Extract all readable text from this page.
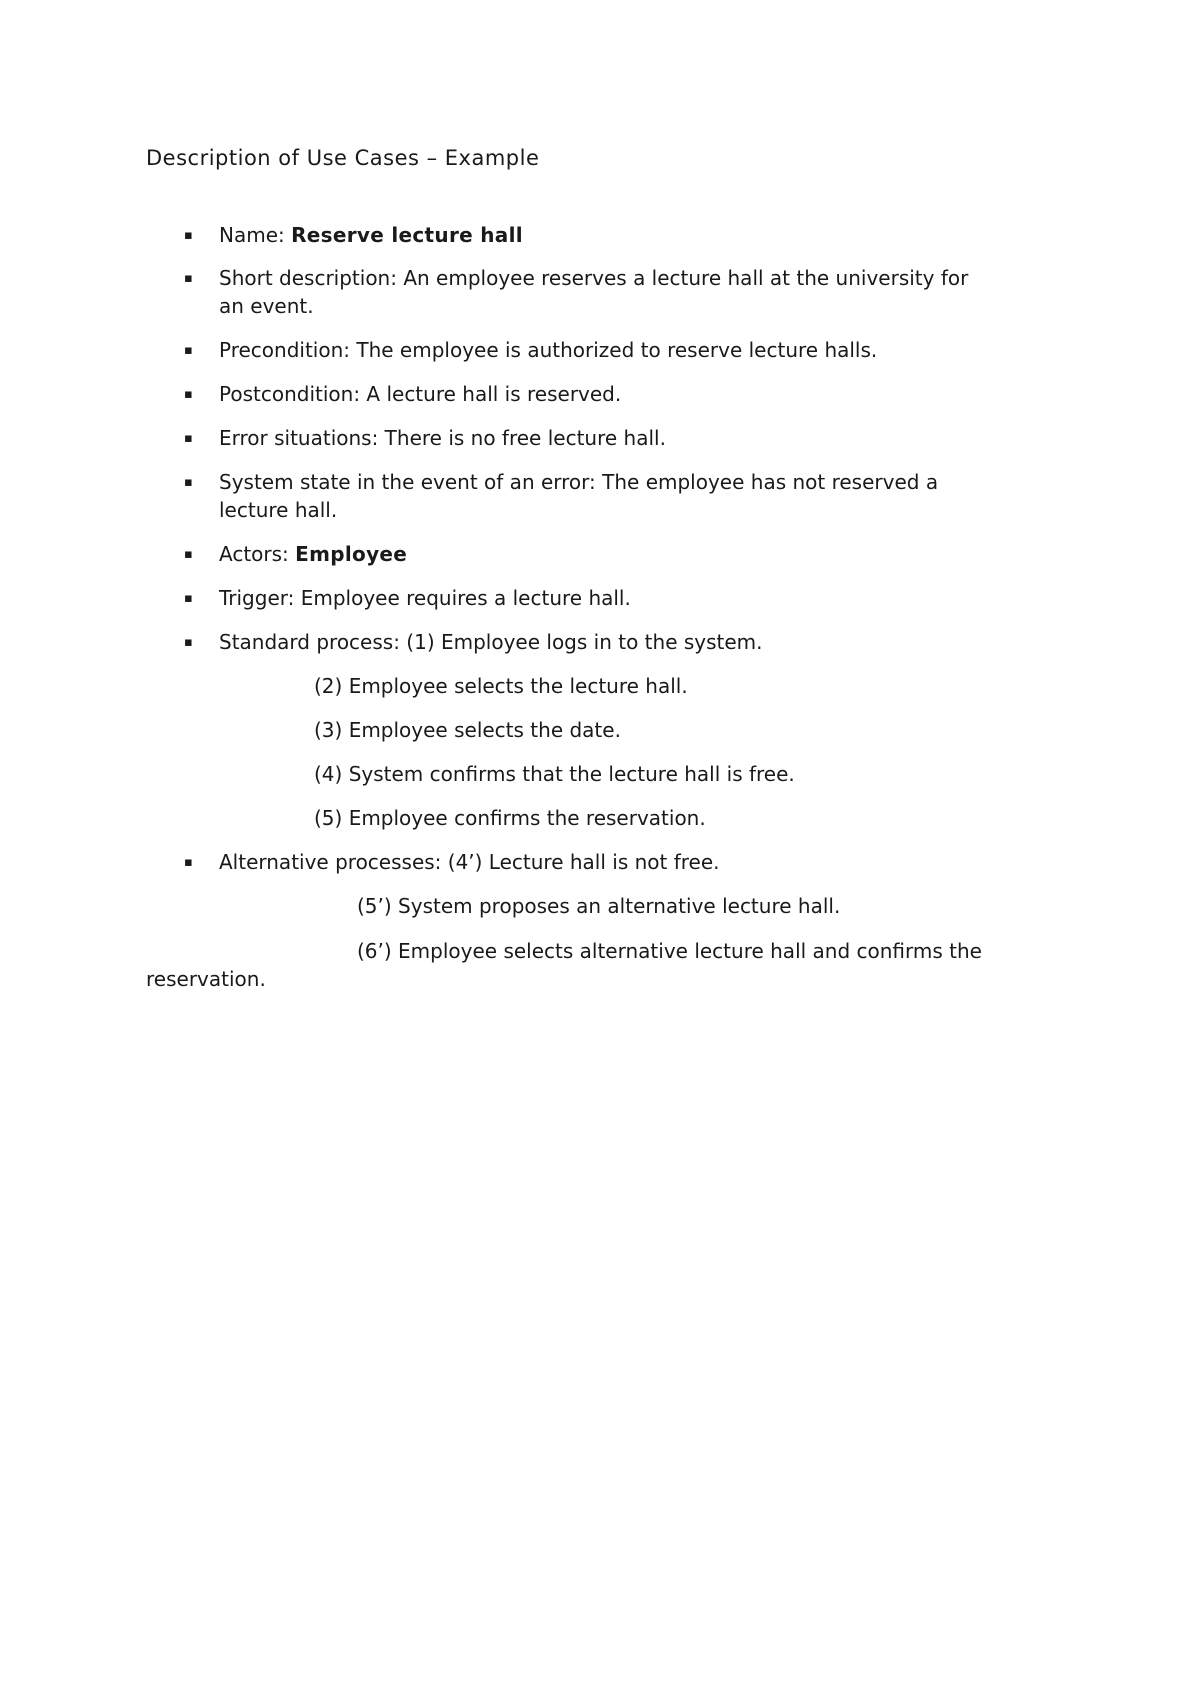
Description of Use Cases – Example
▪ Name: Reserve lecture hall
▪ Short description: An employee reserves a lecture hall at the university for
an event.
▪ Precondition: The employee is authorized to reserve lecture halls.
▪ Postcondition: A lecture hall is reserved.
▪ Error situations: There is no free lecture hall.
▪ System state in the event of an error: The employee has not reserved a
lecture hall.
▪ Actors: Employee
▪ Trigger: Employee requires a lecture hall.
▪ Standard process: (1) Employee logs in to the system.
(2) Employee selects the lecture hall.
(3) Employee selects the date.
(4) System confirms that the lecture hall is free.
(5) Employee confirms the reservation.
▪ Alternative processes: (4’) Lecture hall is not free.
(5’) System proposes an alternative lecture hall.
(6’) Employee selects alternative lecture hall and confirms the
reservation.
